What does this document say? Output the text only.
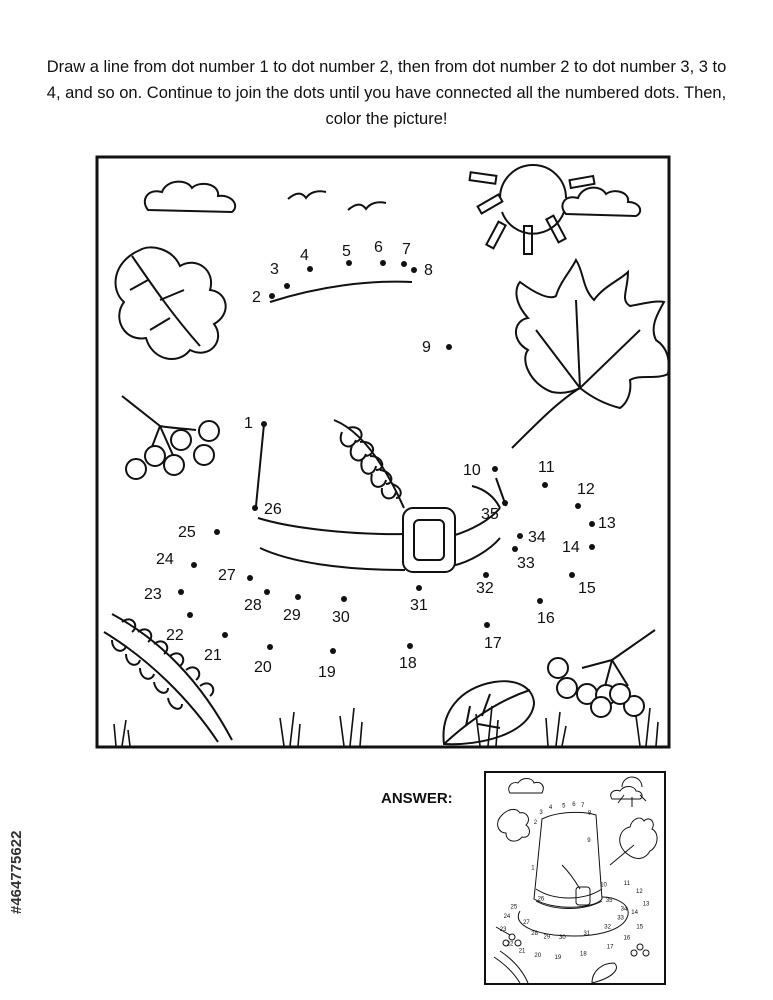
Draw a line from dot number 1 to dot number 2, then from dot number 2 to dot number 3, 3 to 4, and so on. Continue to join the dots until you have connected all the numbered dots. Then, color the picture!

1
2
3
4 5 6 7
8
9
10	11
12
13
14
15
16
17
18
19
20
21
22
23
24
25
26
27
28
29 30
31
32
33
34
35
ANSWER:
1
2
3
4 5 6 7
8
9
10	11
12
13
14
15
16
17
18
19
20
21
22
23
24
25
26
27
28
29 30
31
32
33
34
35
#464775622
